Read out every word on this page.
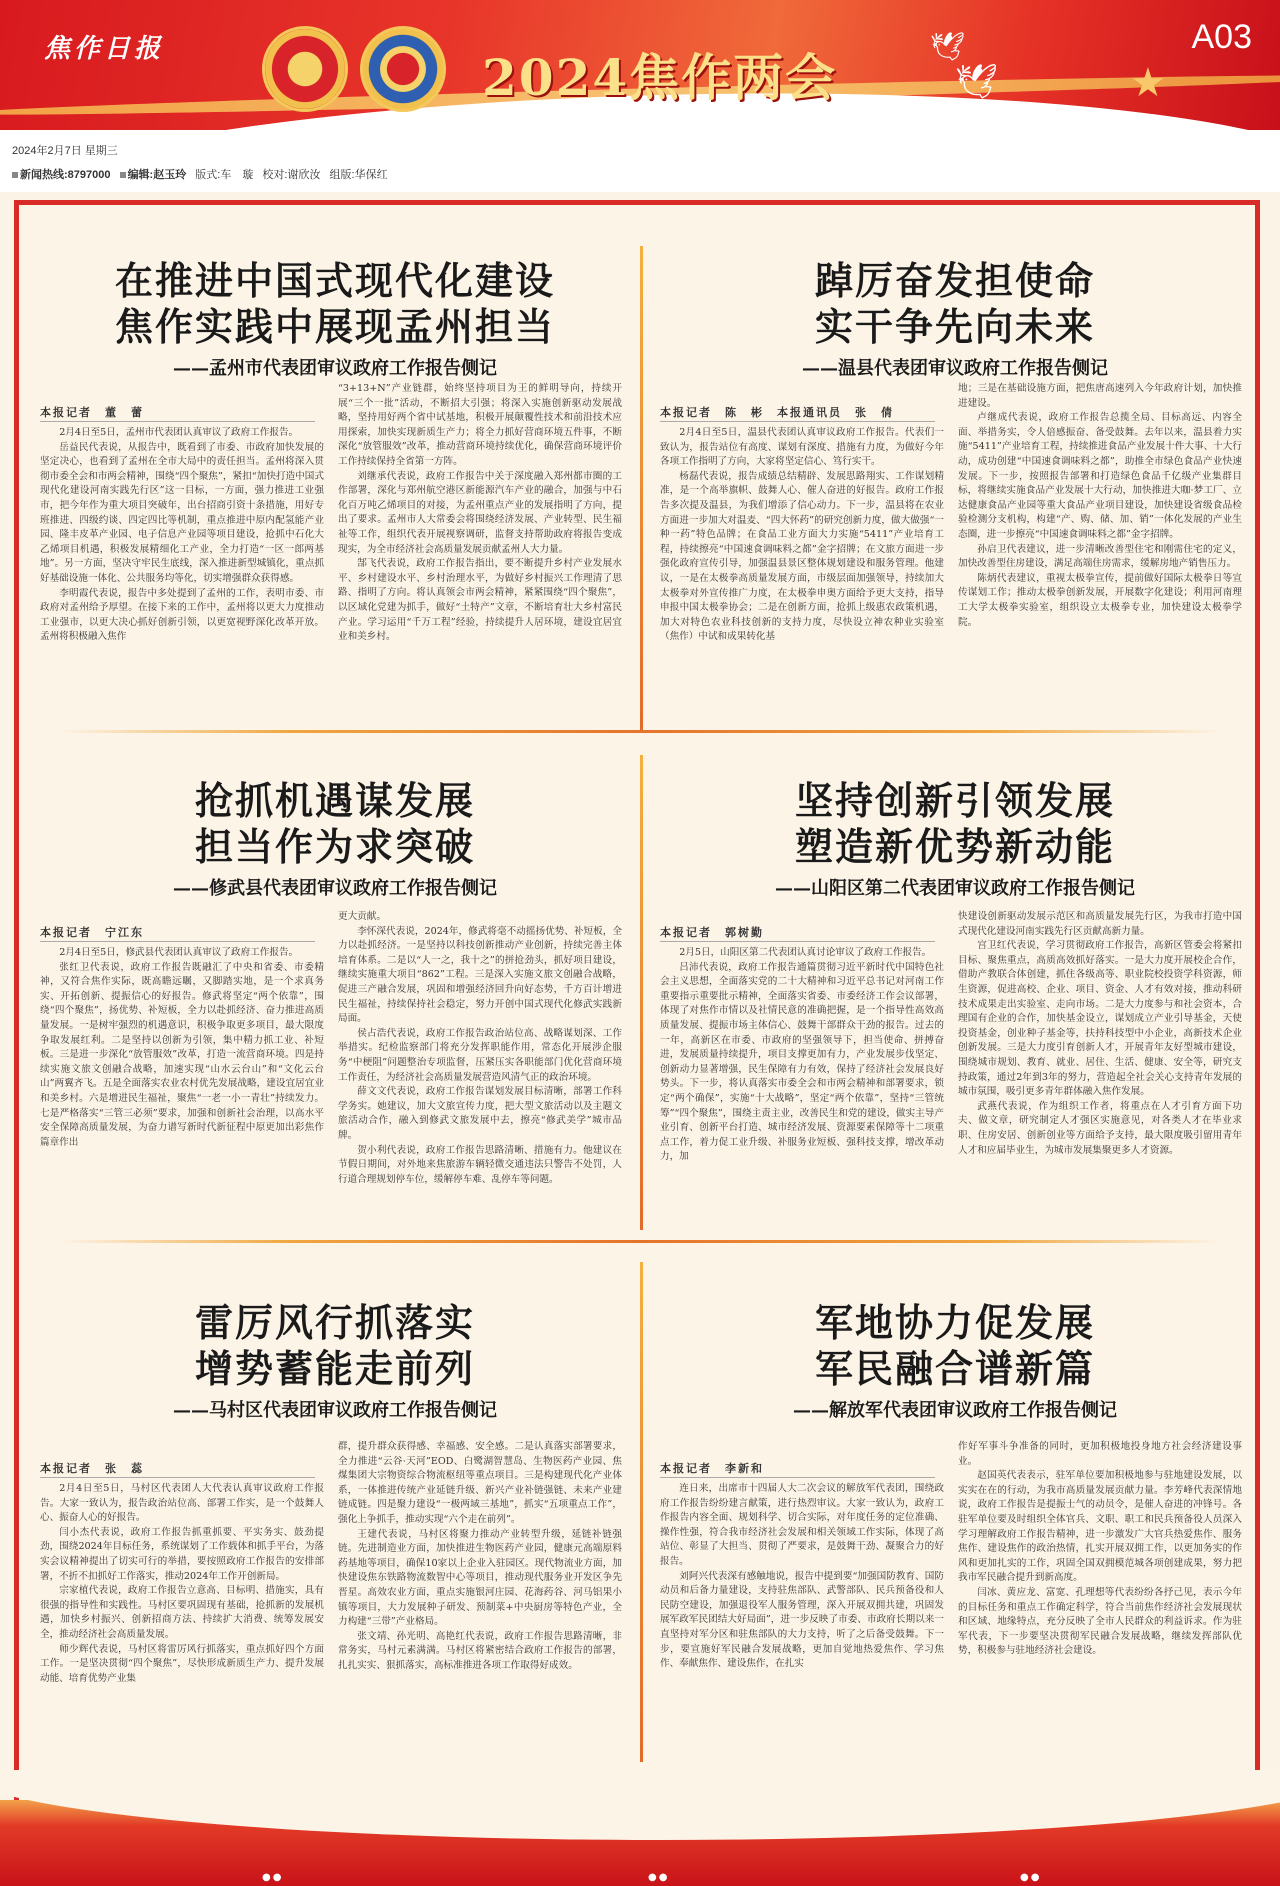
焦作日报	2024焦作两会
🕊
🕊	★
A03
2024年2月7日 星期三
新闻热线:8797000 编辑:赵玉玲 版式:车　璇 校对:谢欣汝 组版:华保红
在推进中国式现代化建设
焦作实践中展现孟州担当
——孟州市代表团审议政府工作报告侧记
本报记者　董　蕾

2月4日至5日，孟州市代表团认真审议了政府工作报告。

岳益民代表说，从报告中，既看到了市委、市政府加快发展的坚定决心，也看到了孟州在全市大局中的责任担当。孟州将深入贯彻市委全会和市两会精神，围绕“四个聚焦”，紧扣“加快打造中国式现代化建设河南实践先行区”这一目标，一方面，强力推进工业强市，把今年作为重大项目突破年，出台招商引资十条措施，用好专班推进、四级约谈、四定四比等机制，重点推进中原内配氢能产业园、隆丰皮革产业园、电子信息产业园等项目建设，抢抓中石化大乙烯项目机遇，积极发展精细化工产业，全力打造“一区一郎两基地”。另一方面，坚决守牢民生底线，深入推进新型城镇化，重点抓好基础设施一体化、公共服务均等化，切实增强群众获得感。

李明霞代表说，报告中多处提到了孟州的工作，表明市委、市政府对孟州给予厚望。在接下来的工作中，孟州将以更大力度推动工业强市，以更大决心抓好创新引领，以更宽视野深化改革开放。孟州将积极融入焦作

“3+13+N”产业链群，始终坚持项目为王的鲜明导向，持续开展“三个一批”活动，不断招大引强；将深入实施创新驱动发展战略，坚持用好两个省中试基地，积极开展颠覆性技术和前沿技术应用探索，加快实现新质生产力；将全力抓好营商环境五件事，不断深化“放管服效”改革，推动营商环境持续优化，确保营商环境评价工作持续保持全省第一方阵。

刘继承代表说，政府工作报告中关于深度融入郑州都市圈的工作部署，深化与郑州航空港区新能源汽车产业的融合，加强与中石化百万吨乙烯项目的对接，为孟州重点产业的发展指明了方向，提出了要求。孟州市人大常委会将围绕经济发展、产业转型、民生福祉等工作，组织代表开展视察调研，监督支持帮助政府将报告变成现实，为全市经济社会高质量发展贡献孟州人大力量。

郜飞代表说，政府工作报告指出，要不断提升乡村产业发展水平、乡村建设水平、乡村治理水平，为做好乡村振兴工作理清了思路、指明了方向。将认真领会市两会精神，紧紧围绕“四个聚焦”，以区域化党建为抓手，做好“土特产”文章，不断培育壮大乡村富民产业。学习运用“千万工程”经验，持续提升人居环境，建设宜居宜业和美乡村。

踔厉奋发担使命
实干争先向未来
——温县代表团审议政府工作报告侧记
本报记者　陈　彬　本报通讯员　张　倩

2月4日至5日，温县代表团认真审议政府工作报告。代表们一致认为，报告站位有高度、谋划有深度、措施有力度，为做好今年各项工作指明了方向，大家将坚定信心、笃行实干。

杨磊代表说，报告成绩总结精辟、发展思路翔实、工作谋划精准，是一个高举旗帜、鼓舞人心、催人奋进的好报告。政府工作报告多次提及温县，为我们增添了信心动力。下一步，温县将在农业方面进一步加大对温麦、“四大怀药”的研究创新力度，做大做强“一种一药”特色品牌；在食品工业方面大力实施“5411”产业培育工程，持续擦亮“中国速食调味料之都”金字招牌；在文旅方面进一步强化政府宣传引导，加强温县景区整体规划建设和服务管理。他建议，一是在太极拳高质量发展方面，市级层面加强领导，持续加大太极拳对外宣传推广力度，在太极拳申奥方面给予更大支持，指导申报中国太极拳协会；二是在创新方面，抢抓上级惠农政策机遇，加大对特色农业科技创新的支持力度，尽快设立神农种业实验室（焦作）中试和成果转化基

地；三是在基础设施方面，把焦唐高速列入今年政府计划，加快推进建设。

卢继成代表说，政府工作报告总揽全局、目标高远、内容全面、举措务实，令人倍感振奋、备受鼓舞。去年以来，温县着力实施“5411”产业培育工程，持续推进食品产业发展十件大事、十大行动，成功创建“中国速食调味料之都”，助推全市绿色食品产业快速发展。下一步，按照报告部署和打造绿色食品千亿级产业集群目标，将继续实施食品产业发展十大行动，加快推进大咖·梦工厂、立达健康食品产业园等重大食品产业项目建设，加快建设省级食品检验检测分支机构，构建“产、购、储、加、销”一体化发展的产业生态圈，进一步擦亮“中国速食调味料之都”金字招牌。

孙启卫代表建议，进一步清晰改善型住宅和刚需住宅的定义，加快改善型住房建设，满足高端住房需求，缓解房地产销售压力。

陈炳代表建议，重视太极拳宣传，提前做好国际太极拳日等宣传谋划工作；推动太极拳创新发展，开展数字化建设；利用河南理工大学太极拳实验室，组织设立太极拳专业，加快建设太极拳学院。

抢抓机遇谋发展
担当作为求突破
——修武县代表团审议政府工作报告侧记
本报记者　宁江东

2月4日至5日，修武县代表团认真审议了政府工作报告。

张红卫代表说，政府工作报告既融汇了中央和省委、市委精神，又符合焦作实际，既高瞻远瞩，又脚踏实地，是一个求真务实、开拓创新、提振信心的好报告。修武将坚定“两个依靠”，围绕“四个聚焦”，扬优势、补短板，全力以赴抓经济、奋力推进高质量发展。一是树牢强烈的机遇意识，积极争取更多项目，最大限度争取发展红利。二是坚持以创新为引领，集中精力抓工业、补短板。三是进一步深化“放管服效”改革，打造一流营商环境。四是持续实施文旅文创融合战略，加速实现“山水云台山”和“文化云台山”两翼齐飞。五是全面落实农业农村优先发展战略，建设宜居宜业和美乡村。六是增进民生福祉，聚焦“一老一小一青壮”持续发力。七是严格落实“三管三必须”要求，加强和创新社会治理，以高水平安全保障高质量发展，为奋力谱写新时代新征程中原更加出彩焦作篇章作出

更大贡献。

李怀深代表说，2024年，修武将毫不动摇扬优势、补短板，全力以赴抓经济。一是坚持以科技创新推动产业创新，持续完善主体培育体系。二是以“人一之，我十之”的拼抢劲头，抓好项目建设，继续实施重大项目“862”工程。三是深入实施文旅文创融合战略，促进三产融合发展，巩固和增强经济回升向好态势，千方百计增进民生福祉，持续保持社会稳定，努力开创中国式现代化修武实践新局面。

侯占浩代表说，政府工作报告政治站位高、战略谋划深、工作举措实。纪检监察部门将充分发挥职能作用，常态化开展涉企服务“中梗阻”问题整治专项监督，压紧压实各职能部门优化营商环境工作责任，为经济社会高质量发展营造风清气正的政治环境。

薛文文代表说，政府工作报告谋划发展目标清晰，部署工作科学务实。她建议，加大文旅宣传力度，把大型文旅活动以及主题文旅活动合作，融入到修武文旅发展中去，擦亮“修武美学”城市品牌。

贺小利代表说，政府工作报告思路清晰、措施有力。他建议在节假日期间，对外地来焦旅游车辆轻微交通违法只警告不处罚，人行道合理规划停车位，缓解停车难、乱停车等问题。

坚持创新引领发展
塑造新优势新动能
——山阳区第二代表团审议政府工作报告侧记
本报记者　郭树勤

2月5日，山阳区第二代表团认真讨论审议了政府工作报告。

吕沛代表说，政府工作报告通篇贯彻习近平新时代中国特色社会主义思想，全面落实党的二十大精神和习近平总书记对河南工作重要指示重要批示精神，全面落实省委、市委经济工作会议部署，体现了对焦作市情以及社情民意的准确把握，是一个指导性高效高质量发展、提振市场主体信心、鼓舞干部群众干劲的报告。过去的一年，高新区在市委、市政府的坚强领导下，担当使命、拼搏奋进，发展质量持续提升，项目支撑更加有力，产业发展步伐坚定、创新动力显著增强，民生保障有力有效，保持了经济社会发展良好势头。下一步，将认真落实市委全会和市两会精神和部署要求，锁定“两个确保”，实施“十大战略”，坚定“两个依靠”，坚持“三管统筹”“四个聚焦”，围绕主责主业，改善民生和党的建设，做实主导产业引育、创新平台打造、城市经济发展、资源要素保障等十二项重点工作，着力促工业升级、补服务业短板、强科技支撑，增改革动力，加

快建设创新驱动发展示范区和高质量发展先行区，为我市打造中国式现代化建设河南实践先行区贡献高新力量。

宫卫红代表说，学习贯彻政府工作报告，高新区管委会将紧扣目标、聚焦重点，高质高效抓好落实。一是大力度开展校企合作，借助产教联合体创建，抓住各级高等、职业院校投资学科资源，师生资源，促进高校、企业、项目、资金、人才有效对接，推动科研技术成果走出实验室、走向市场。二是大力度参与和社会资本，合理国有企业的合作，加快基金设立，谋划成立产业引导基金，天使投资基金，创业种子基金等，扶持科技型中小企业，高新技术企业创新发展。三是大力度引育创新人才，开展青年友好型城市建设，围绕城市规划、教育、就业、居住、生活、健康、安全等，研究支持政策，通过2年到3年的努力，营造起全社会关心支持青年发展的城市氛围，吸引更多青年群体融入焦作发展。

武燕代表说，作为组织工作者，将重点在人才引育方面下功夫、做文章，研究制定人才强区实施意见，对各类人才在毕业求职、住房安居、创新创业等方面给予支持，最大限度吸引留用青年人才和应届毕业生，为城市发展集聚更多人才资源。

雷厉风行抓落实
增势蓄能走前列
——马村区代表团审议政府工作报告侧记
本报记者　张　蕊

2月4日至5日，马村区代表团人大代表认真审议政府工作报告。大家一致认为，报告政治站位高、部署工作实，是一个鼓舞人心、振奋人心的好报告。

闫小杰代表说，政府工作报告抓重抓要、平实务实、鼓劲提劲，围绕2024年目标任务，系统谋划了工作载体和抓手平台，为落实会议精神提出了切实可行的举措，要按照政府工作报告的安排部署，不折不扣抓好工作落实，推动2024年工作开创新局。

宗家植代表说，政府工作报告立意高、目标明、措施实，具有很强的指导性和实践性。马村区要巩固现有基础，抢抓新的发展机遇，加快乡村振兴、创新招商方法、持续扩大消费、统筹发展安全，推动经济社会高质量发展。

师少辉代表说，马村区将雷厉风行抓落实，重点抓好四个方面工作。一是坚决贯彻“四个聚焦”，尽快形成新质生产力、提升发展动能、培育优势产业集

群，提升群众获得感、幸福感、安全感。二是认真落实部署要求，全力推进“云谷·天河”EOD、白鹭湖智慧岛、生物医药产业园、焦煤集团大宗物资综合物流枢纽等重点项目。三是构建现代化产业体系，一体推进传统产业延链升级、新兴产业补链强链、未来产业建链成链。四是聚力建设“一极两域三基地”，抓实“五项重点工作”，强化上争抓手，推动实现“六个走在前列”。

王建代表说，马村区将聚力推动产业转型升级，延链补链强链。先进制造业方面，加快推进生物医药产业园，健康元高端原料药基地等项目，确保10家以上企业入驻园区。现代物流业方面，加快建设焦东铁路物流数智中心等项目，推动现代服务业开发区争先晋星。高效农业方面，重点实施银河庄园、花海药谷、河马铝果小镇等项目，大力发展种子研发、预制菜+中央厨房等特色产业，全力构建“三带”产业格局。

张文靖、孙光明、高艳红代表说，政府工作报告思路清晰，非常务实，马村元素满满。马村区将紧密结合政府工作报告的部署，扎扎实实、狠抓落实，高标准推进各项工作取得好成效。

军地协力促发展
军民融合谱新篇
——解放军代表团审议政府工作报告侧记
本报记者　李新和

连日来，出席市十四届人大二次会议的解放军代表团，围绕政府工作报告纷纷建言献策，进行热烈审议。大家一致认为，政府工作报告内容全面、规划科学、切合实际，对年度任务的定位准确、操作性强，符合我市经济社会发展和相关领域工作实际，体现了高站位、彰显了大担当、贯彻了严要求，是鼓舞干劲、凝聚合力的好报告。

刘阿兴代表深有感触地说，报告中提到要“加强国防教育、国防动员和后备力量建设，支持驻焦部队、武警部队、民兵预备役和人民防空建设，加强退役军人服务管理，深入开展双拥共建，巩固发展军政军民团结大好局面”，进一步反映了市委、市政府长期以来一直坚持对军分区和驻焦部队的大力支持，听了之后备受鼓舞。下一步，要宣施好军民融合发展战略，更加自觉地热爱焦作、学习焦作、奉献焦作、建设焦作，在扎实

作好军事斗争准备的同时，更加积极地投身地方社会经济建设事业。

赵国英代表表示，驻军单位要加积极地参与驻地建设发展，以实实在在的行动，为我市高质量发展贡献力量。李芳峰代表深情地说，政府工作报告是提振士气的动员令，是催人奋进的冲锋号。各驻军单位要及时组织全体官兵、文职、职工和民兵预备役人员深入学习理解政府工作报告精神，进一步激发广大官兵热爱焦作、服务焦作、建设焦作的政治热情，扎实开展双拥工作，以更加务实的作风和更加扎实的工作，巩固全国双拥模范城各项创建成果，努力把我市军民融合提升到新高度。

闫冰、黄应龙、富宽、孔理想等代表纷纷各抒己见，表示今年的目标任务和重点工作确定科学，符合当前焦作经济社会发展现状和区域、地缘特点，充分反映了全市人民群众的利益诉求。作为驻军代表，下一步要坚决贯彻军民融合发展战略，继续发挥部队优势，积极参与驻地经济社会建设。

●●	●●	●●
